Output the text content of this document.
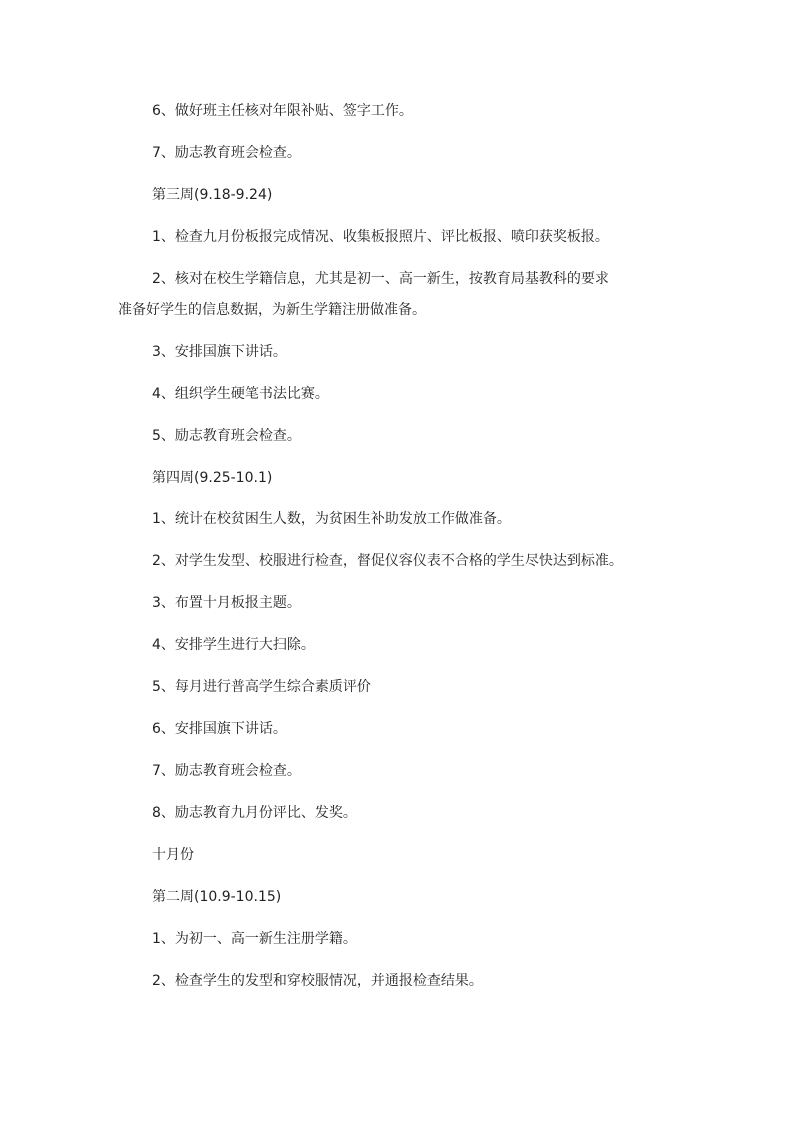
6、做好班主任核对年限补贴、签字工作。
7、励志教育班会检查。
第三周(9.18-9.24)
1、检查九月份板报完成情况、收集板报照片、评比板报、喷印获奖板报。
2、核对在校生学籍信息，尤其是初一、高一新生，按教育局基教科的要求
准备好学生的信息数据，为新生学籍注册做准备。
3、安排国旗下讲话。
4、组织学生硬笔书法比赛。
5、励志教育班会检查。
第四周(9.25-10.1)
1、统计在校贫困生人数，为贫困生补助发放工作做准备。
2、对学生发型、校服进行检查，督促仪容仪表不合格的学生尽快达到标准。
3、布置十月板报主题。
4、安排学生进行大扫除。
5、每月进行普高学生综合素质评价
6、安排国旗下讲话。
7、励志教育班会检查。
8、励志教育九月份评比、发奖。
十月份
第二周(10.9-10.15)
1、为初一、高一新生注册学籍。
2、检查学生的发型和穿校服情况，并通报检查结果。
